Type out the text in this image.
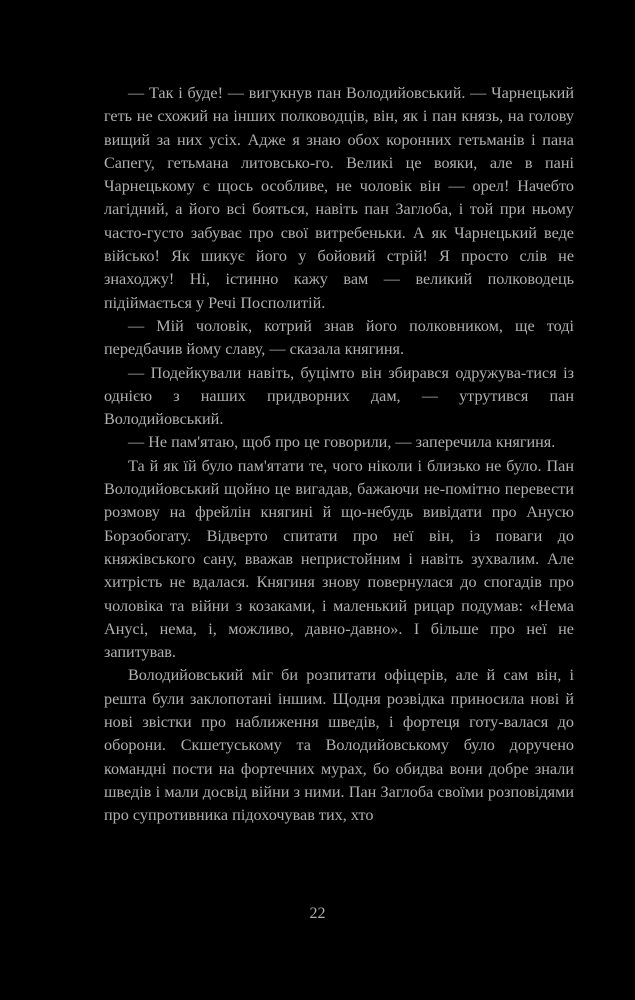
— Так і буде! — вигукнув пан Володийовський. — Чарнецький геть не схожий на інших полководців, він, як і пан князь, на голову вищий за них усіх. Адже я знаю обох коронних гетьманів і пана Сапегу, гетьмана литовсько-го. Великі це вояки, але в пані Чарнецькому є щось особливе, не чоловік він — орел! Начебто лагідний, а його всі бояться, навіть пан Заглоба, і той при ньому часто-густо забуває про свої витребеньки. А як Чарнецький веде військо! Як шикує його у бойовий стрій! Я просто слів не знаходжу! Ні, істинно кажу вам — великий полководець підіймається у Речі Посполитій.

— Мій чоловік, котрий знав його полковником, ще тоді передбачив йому славу, — сказала княгиня.

— Подейкували навіть, буцімто він збирався одружува-тися із однією з наших придворних дам, — утрутився пан Володийовський.

— Не пам'ятаю, щоб про це говорили, — заперечила княгиня.

Та й як їй було пам'ятати те, чого ніколи і близько не було. Пан Володийовський щойно це вигадав, бажаючи не-помітно перевести розмову на фрейлін княгині й що-небудь вивідати про Анусю Борзобогату. Відверто спитати про неї він, із поваги до княжівського сану, вважав непристойним і навіть зухвалим. Але хитрість не вдалася. Княгиня знову повернулася до спогадів про чоловіка та війни з козаками, і маленький рицар подумав: «Нема Анусі, нема, і, можливо, давно-давно». І більше про неї не запитував.

Володийовський міг би розпитати офіцерів, але й сам він, і решта були заклопотані іншим. Щодня розвідка приносила нові й нові звістки про наближення шведів, і фортеця готу-валася до оборони. Скшетуському та Володийовському було доручено командні пости на фортечних мурах, бо обидва вони добре знали шведів і мали досвід війни з ними. Пан Заглоба своїми розповідями про супротивника підохочував тих, хто

22
